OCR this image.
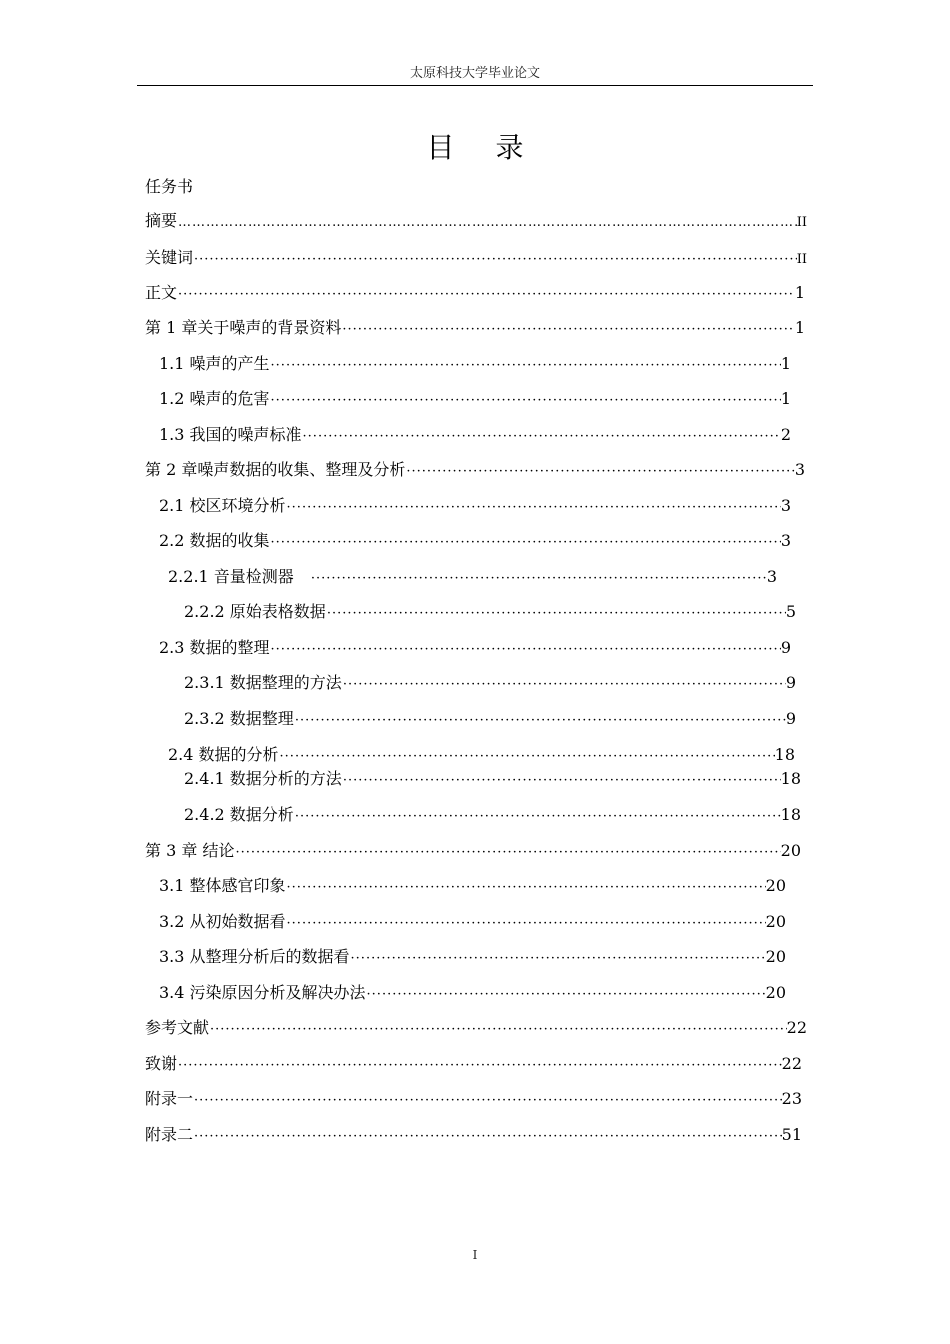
太原科技大学毕业论文
目 录
任务书
摘要 …………………………………………………………………………………………………………………………………………………………………………………………………………………………………………	II
关键词 ·····	II
正文 ·····	1
第 1 章关于噪声的背景资料 ·····	1
1.1 噪声的产生 ·····	1
1.2 噪声的危害 ·····	1
1.3 我国的噪声标准 ·····	2
第 2 章噪声数据的收集、整理及分析 ·····	3
2.1 校区环境分析 ·····	3
2.2 数据的收集 ·····	3
2.2.1 音量检测器　 ·····	3
2.2.2 原始表格数据 ·····	5
2.3 数据的整理 ·····	9
2.3.1 数据整理的方法 ·····	9
2.3.2 数据整理 ·····	9
2.4 数据的分析 ·····	18
2.4.1 数据分析的方法 ·····	18
2.4.2 数据分析 ·····	18
第 3 章 结论 ·····	20
3.1 整体感官印象 ·····	20
3.2 从初始数据看 ·····	20
3.3 从整理分析后的数据看 ·····	20
3.4 污染原因分析及解决办法 ·····	20
参考文献 ·····	22
致谢 ·····	22
附录一 ·····	23
附录二 ·····	51
I
